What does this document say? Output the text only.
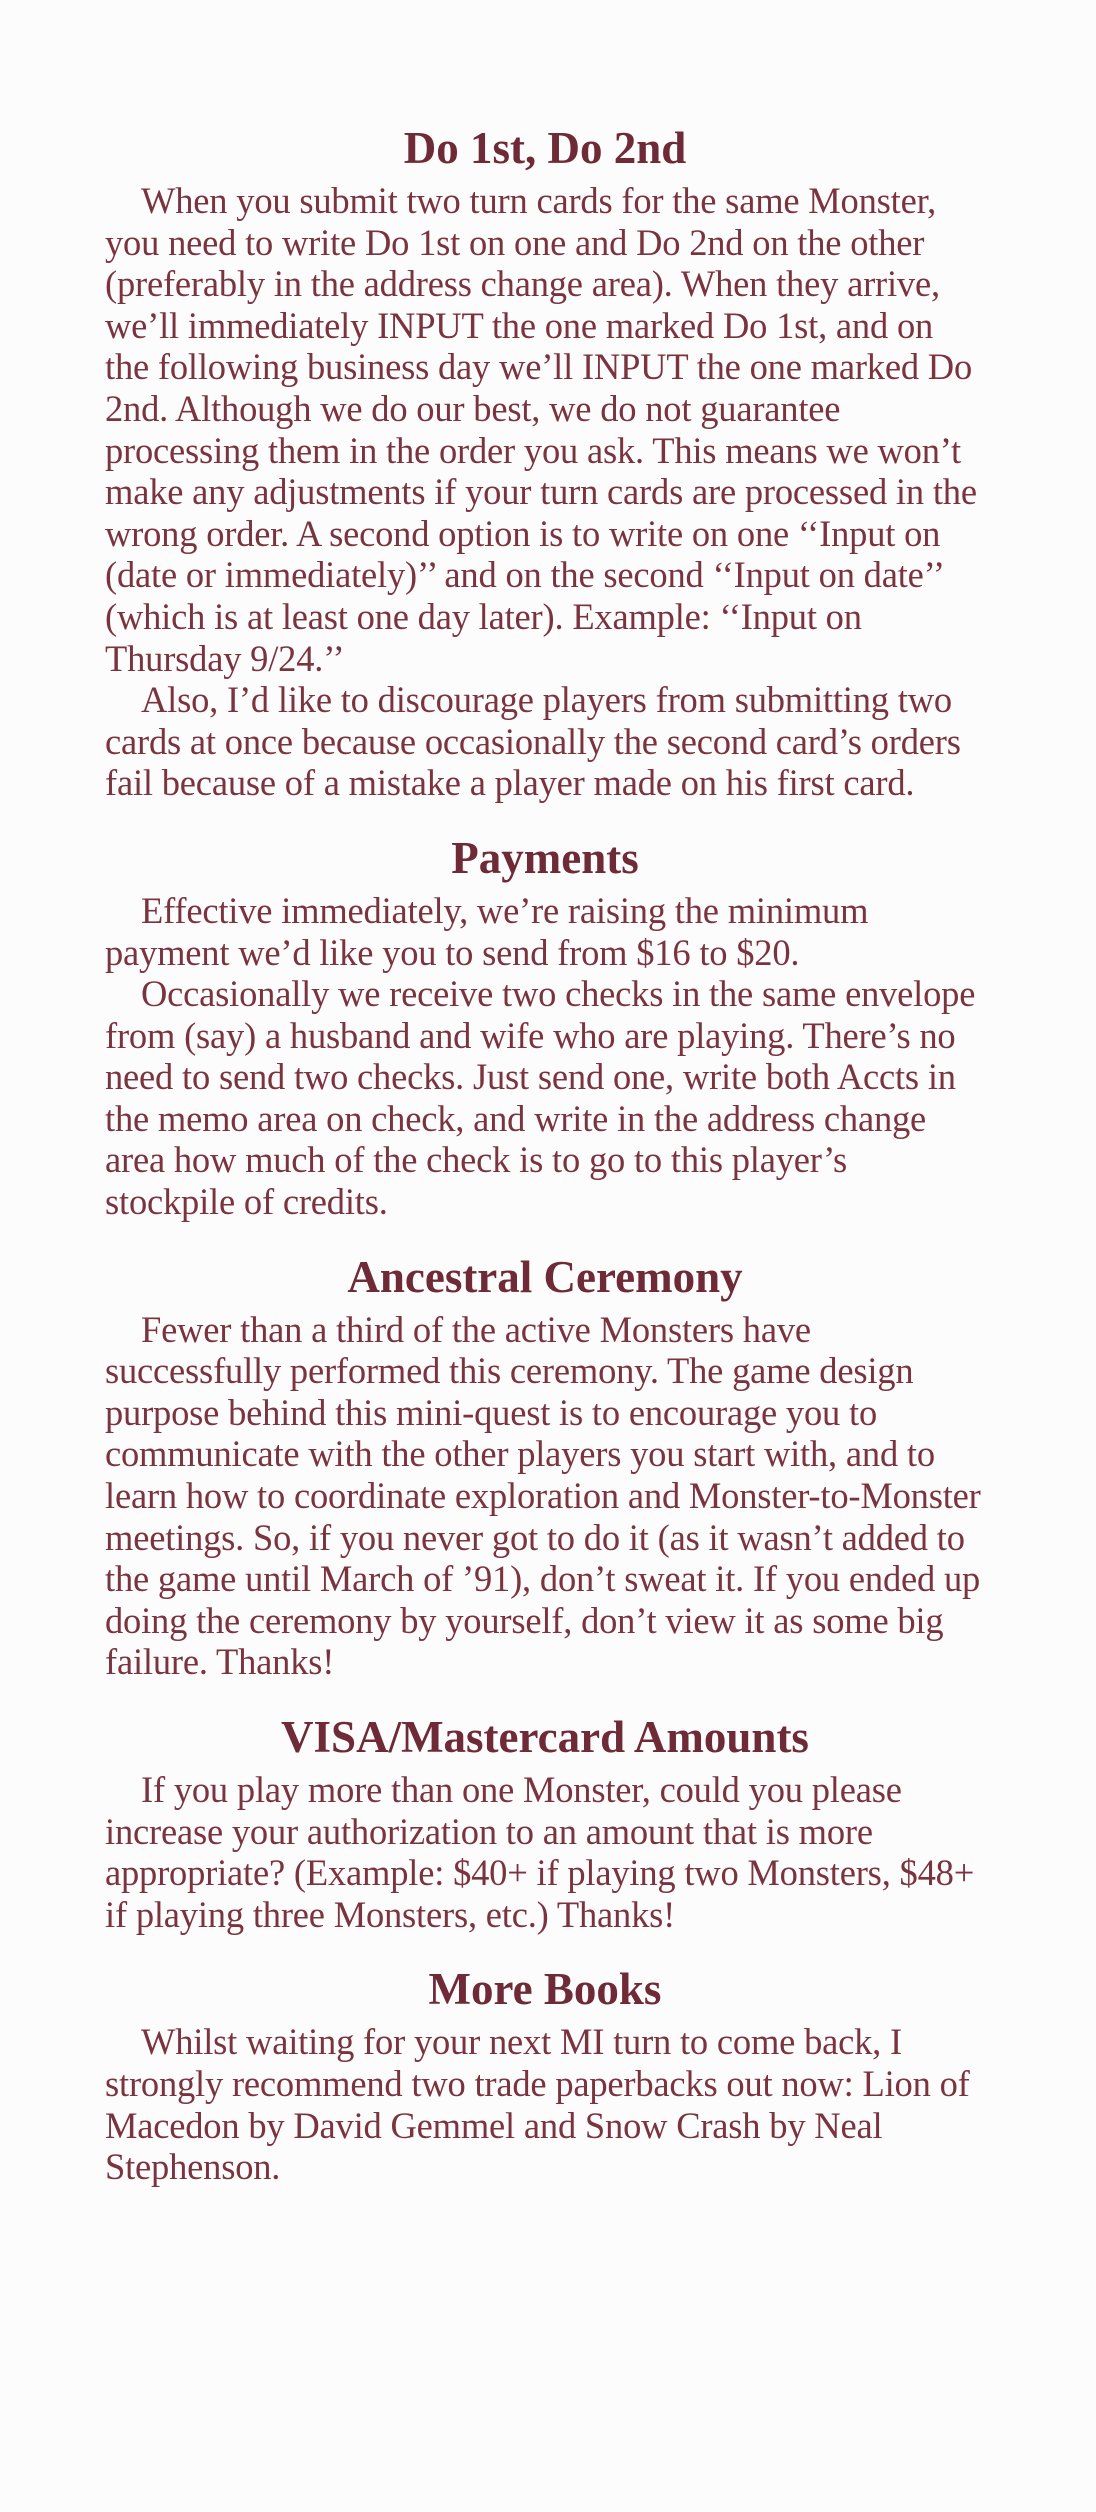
Do 1st, Do 2nd

When you submit two turn cards for the same Monster, you need to write Do 1st on one and Do 2nd on the other (preferably in the address change area). When they arrive, we’ll immediately INPUT the one marked Do 1st, and on the following business day we’ll INPUT the one marked Do 2nd. Although we do our best, we do not guarantee processing them in the order you ask. This means we won’t make any adjustments if your turn cards are processed in the wrong order. A second option is to write on one ‘‘Input on (date or immediately)’’ and on the second ‘‘Input on date’’ (which is at least one day later). Example: ‘‘Input on Thursday 9/24.’’

Also, I’d like to discourage players from submitting two cards at once because occasionally the second card’s orders fail because of a mistake a player made on his first card.

Payments

Effective immediately, we’re raising the minimum payment we’d like you to send from $16 to $20.

Occasionally we receive two checks in the same envelope from (say) a husband and wife who are playing. There’s no need to send two checks. Just send one, write both Accts in the memo area on check, and write in the address change area how much of the check is to go to this player’s stockpile of credits.

Ancestral Ceremony

Fewer than a third of the active Monsters have successfully performed this ceremony. The game design purpose behind this mini-quest is to encourage you to communicate with the other players you start with, and to learn how to coordinate exploration and Monster-to-Monster meetings. So, if you never got to do it (as it wasn’t added to the game until March of ’91), don’t sweat it. If you ended up doing the ceremony by yourself, don’t view it as some big failure. Thanks!

VISA/Mastercard Amounts

If you play more than one Monster, could you please increase your authorization to an amount that is more appropriate? (Example: $40+ if playing two Monsters, $48+ if playing three Monsters, etc.) Thanks!

More Books

Whilst waiting for your next MI turn to come back, I strongly recommend two trade paperbacks out now: Lion of Macedon by David Gemmel and Snow Crash by Neal Stephenson.
